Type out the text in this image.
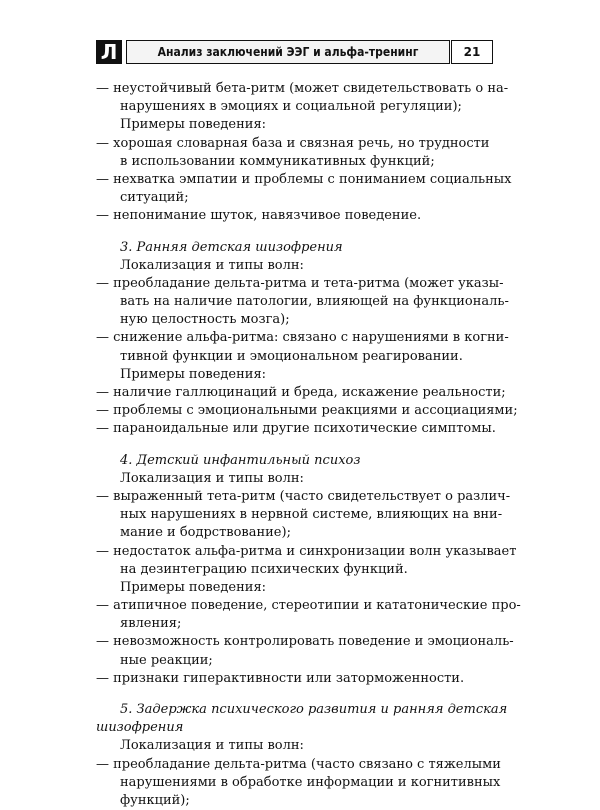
Л	Анализ заключений ЭЭГ и альфа-тренинг	21
— неустойчивый бета-ритм (может свидетельствовать о на-
нарушениях в эмоциях и социальной регуляции);
Примеры поведения:
— хорошая словарная база и связная речь, но трудности
в использовании коммуникативных функций;
— нехватка эмпатии и проблемы с пониманием социальных
ситуаций;
— непонимание шуток, навязчивое поведение.
3. Ранняя детская шизофрения
Локализация и типы волн:
— преобладание дельта-ритма и тета-ритма (может указы-
вать на наличие патологии, влияющей на функциональ-
ную целостность мозга);
— снижение альфа-ритма: связано с нарушениями в когни-
тивной функции и эмоциональном реагировании.
Примеры поведения:
— наличие галлюцинаций и бреда, искажение реальности;
— проблемы с эмоциональными реакциями и ассоциациями;
— параноидальные или другие психотические симптомы.
4. Детский инфантильный психоз
Локализация и типы волн:
— выраженный тета-ритм (часто свидетельствует о различ-
ных нарушениях в нервной системе, влияющих на вни-
мание и бодрствование);
— недостаток альфа-ритма и синхронизации волн указывает
на дезинтеграцию психических функций.
Примеры поведения:
— атипичное поведение, стереотипии и кататонические про-
явления;
— невозможность контролировать поведение и эмоциональ-
ные реакции;
— признаки гиперактивности или заторможенности.
5. Задержка психического развития и ранняя детская
шизофрения
Локализация и типы волн:
— преобладание дельта-ритма (часто связано с тяжелыми
нарушениями в обработке информации и когнитивных
функций);
